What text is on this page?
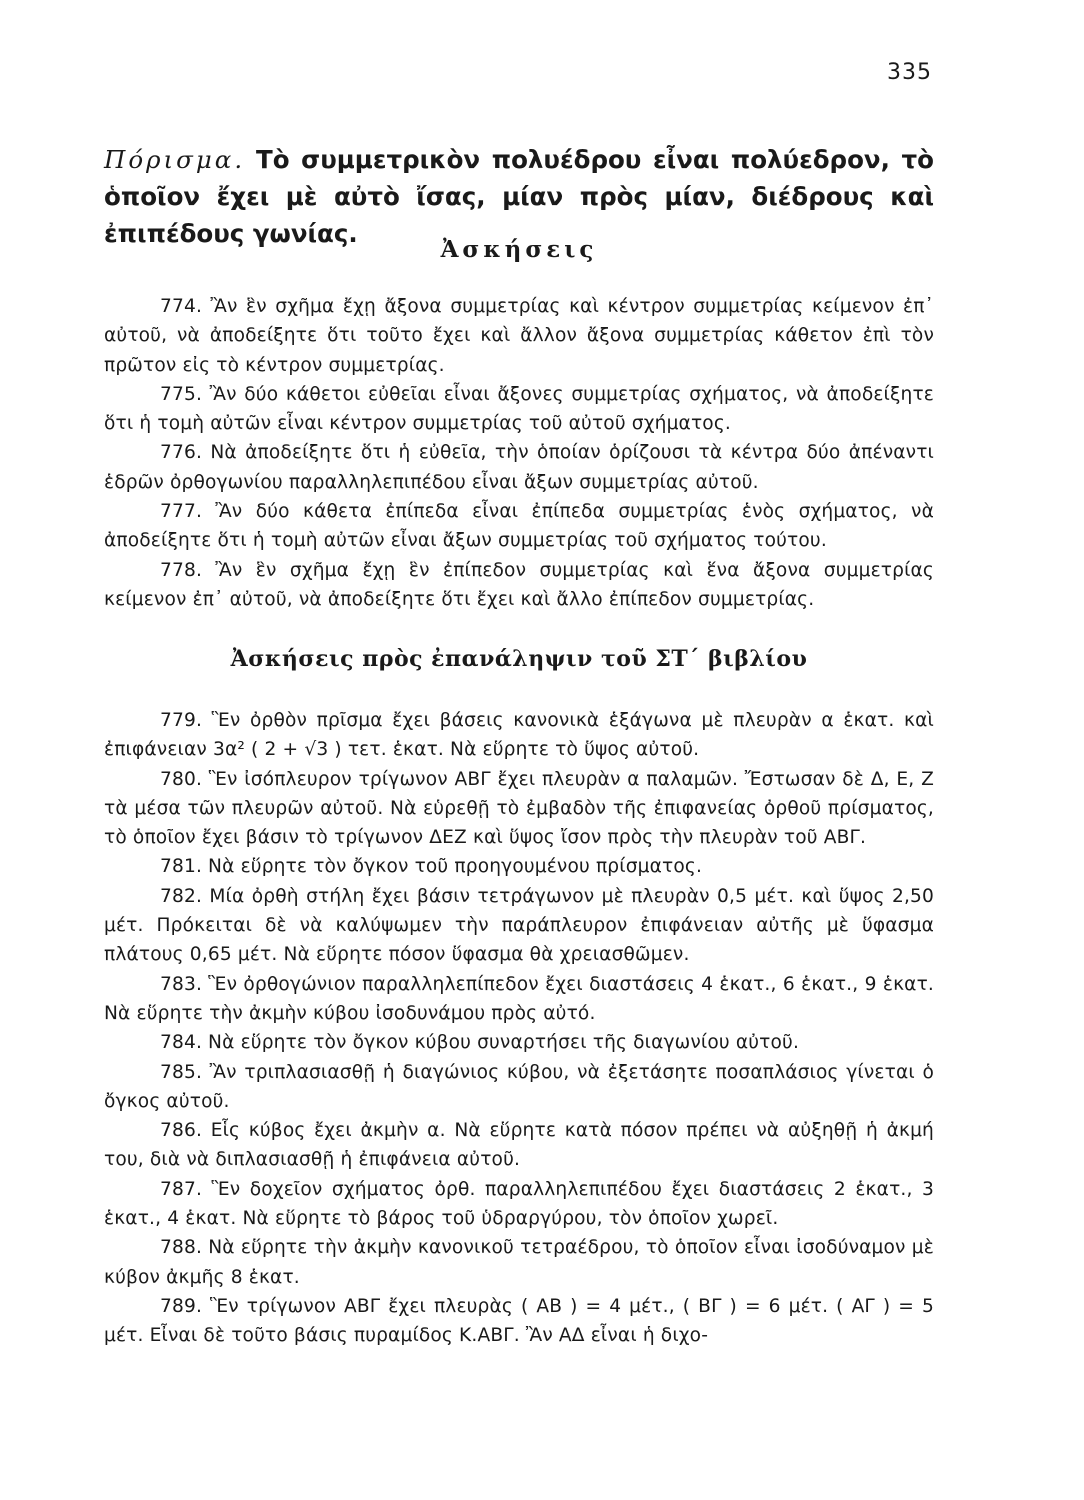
335

Πόρισμα. Τὸ συμμετρικὸν πολυέδρου εἶναι πολύεδρον, τὸ ὁποῖον ἔχει μὲ αὐτὸ ἴσας, μίαν πρὸς μίαν, διέδρους καὶ ἐπιπέδους γωνίας.

Ἀσκήσεις

774. Ἂν ἓν σχῆμα ἔχῃ ἄξονα συμμετρίας καὶ κέντρον συμμετρίας κείμενον ἐπ᾽ αὐτοῦ, νὰ ἀποδείξητε ὅτι τοῦτο ἔχει καὶ ἄλλον ἄξονα συμμετρίας κάθετον ἐπὶ τὸν πρῶτον εἰς τὸ κέντρον συμμετρίας.

775. Ἂν δύο κάθετοι εὐθεῖαι εἶναι ἄξονες συμμετρίας σχήματος, νὰ ἀποδείξητε ὅτι ἡ τομὴ αὐτῶν εἶναι κέντρον συμμετρίας τοῦ αὐτοῦ σχήματος.

776. Νὰ ἀποδείξητε ὅτι ἡ εὐθεῖα, τὴν ὁποίαν ὁρίζουσι τὰ κέντρα δύο ἀπέναντι ἑδρῶν ὀρθογωνίου παραλληλεπιπέδου εἶναι ἄξων συμμετρίας αὐτοῦ.

777. Ἂν δύο κάθετα ἐπίπεδα εἶναι ἐπίπεδα συμμετρίας ἑνὸς σχήματος, νὰ ἀποδείξητε ὅτι ἡ τομὴ αὐτῶν εἶναι ἄξων συμμετρίας τοῦ σχήματος τούτου.

778. Ἂν ἓν σχῆμα ἔχῃ ἓν ἐπίπεδον συμμετρίας καὶ ἕνα ἄξονα συμμετρίας κείμενον ἐπ᾽ αὐτοῦ, νὰ ἀποδείξητε ὅτι ἔχει καὶ ἄλλο ἐπίπεδον συμμετρίας.

Ἀσκήσεις πρὸς ἐπανάληψιν τοῦ ΣΤ΄ βιβλίου

779. Ἓν ὀρθὸν πρῖσμα ἔχει βάσεις κανονικὰ ἑξάγωνα μὲ πλευρὰν α ἑκατ. καὶ ἐπιφάνειαν 3α² ( 2 + √3 ) τετ. ἑκατ. Νὰ εὕρητε τὸ ὕψος αὐτοῦ.

780. Ἓν ἰσόπλευρον τρίγωνον ΑΒΓ ἔχει πλευρὰν α παλαμῶν. Ἔστωσαν δὲ Δ, Ε, Ζ τὰ μέσα τῶν πλευρῶν αὐτοῦ. Νὰ εὑρεθῇ τὸ ἐμβαδὸν τῆς ἐπιφανείας ὀρθοῦ πρίσματος, τὸ ὁποῖον ἔχει βάσιν τὸ τρίγωνον ΔΕΖ καὶ ὕψος ἴσον πρὸς τὴν πλευρὰν τοῦ ΑΒΓ.

781. Νὰ εὕρητε τὸν ὄγκον τοῦ προηγουμένου πρίσματος.

782. Μία ὀρθὴ στήλη ἔχει βάσιν τετράγωνον μὲ πλευρὰν 0,5 μέτ. καὶ ὕψος 2,50 μέτ. Πρόκειται δὲ νὰ καλύψωμεν τὴν παράπλευρον ἐπιφάνειαν αὐτῆς μὲ ὕφασμα πλάτους 0,65 μέτ. Νὰ εὕρητε πόσον ὕφασμα θὰ χρειασθῶμεν.

783. Ἓν ὀρθογώνιον παραλληλεπίπεδον ἔχει διαστάσεις 4 ἑκατ., 6 ἑκατ., 9 ἑκατ. Νὰ εὕρητε τὴν ἀκμὴν κύβου ἰσοδυνάμου πρὸς αὐτό.

784. Νὰ εὕρητε τὸν ὄγκον κύβου συναρτήσει τῆς διαγωνίου αὐτοῦ.

785. Ἂν τριπλασιασθῇ ἡ διαγώνιος κύβου, νὰ ἐξετάσητε ποσαπλάσιος γίνεται ὁ ὄγκος αὐτοῦ.

786. Εἷς κύβος ἔχει ἀκμὴν α. Νὰ εὕρητε κατὰ πόσον πρέπει νὰ αὐξηθῇ ἡ ἀκμή του, διὰ νὰ διπλασιασθῇ ἡ ἐπιφάνεια αὐτοῦ.

787. Ἓν δοχεῖον σχήματος ὀρθ. παραλληλεπιπέδου ἔχει διαστάσεις 2 ἑκατ., 3 ἑκατ., 4 ἑκατ. Νὰ εὕρητε τὸ βάρος τοῦ ὑδραργύρου, τὸν ὁποῖον χωρεῖ.

788. Νὰ εὕρητε τὴν ἀκμὴν κανονικοῦ τετραέδρου, τὸ ὁποῖον εἶναι ἰσοδύναμον μὲ κύβον ἀκμῆς 8 ἑκατ.

789. Ἓν τρίγωνον ΑΒΓ ἔχει πλευρὰς ( ΑΒ ) = 4 μέτ., ( ΒΓ ) = 6 μέτ. ( ΑΓ ) = 5 μέτ. Εἶναι δὲ τοῦτο βάσις πυραμίδος Κ.ΑΒΓ. Ἂν ΑΔ εἶναι ἡ διχο-
